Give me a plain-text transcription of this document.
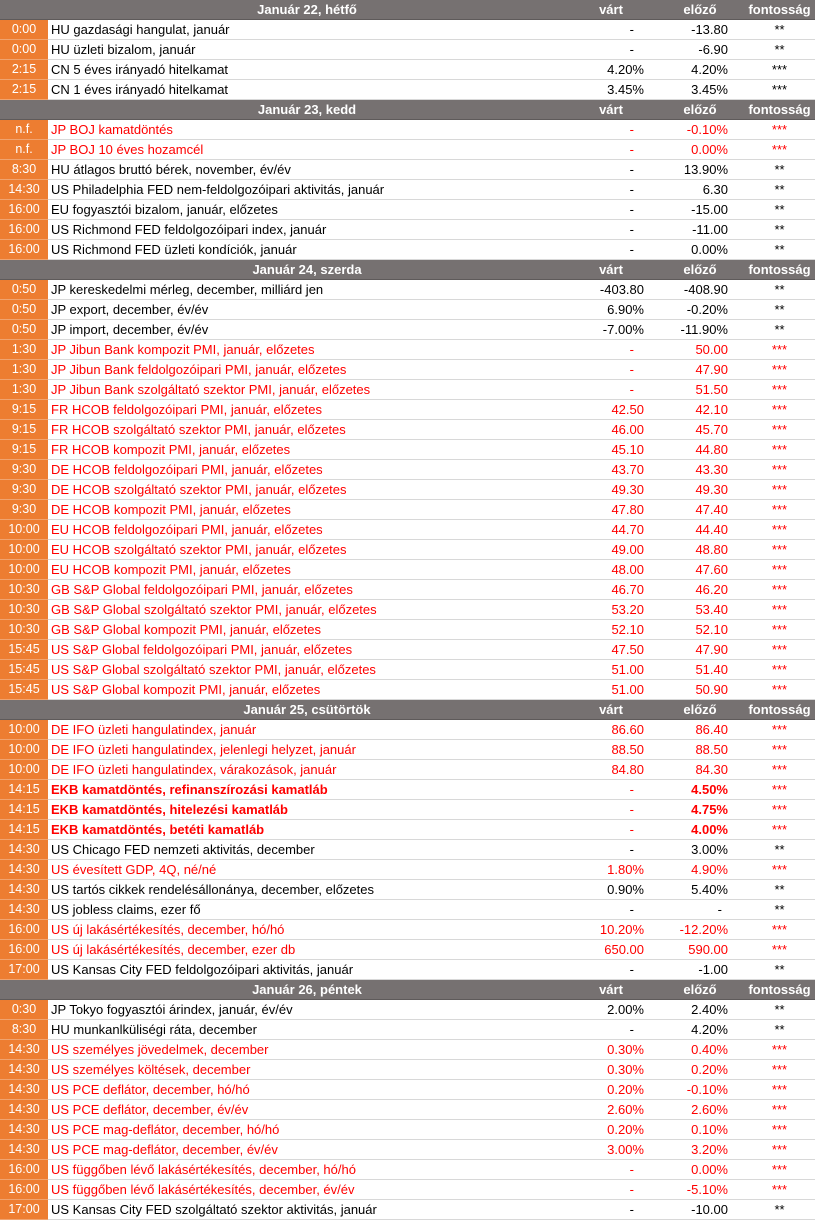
	Január 22, hétfő	várt	előző	fontosság
0:00	HU gazdasági hangulat, január	-	-13.80	**
0:00	HU üzleti bizalom, január	-	-6.90	**
2:15	CN 5 éves irányadó hitelkamat	4.20%	4.20%	***
2:15	CN 1 éves irányadó hitelkamat	3.45%	3.45%	***
	Január 23, kedd	várt	előző	fontosság
n.f.	JP BOJ kamatdöntés	-	-0.10%	***
n.f.	JP BOJ 10 éves hozamcél	-	0.00%	***
8:30	HU átlagos bruttó bérek, november, év/év	-	13.90%	**
14:30	US Philadelphia FED nem-feldolgozóipari aktivitás, január	-	6.30	**
16:00	EU fogyasztói bizalom, január, előzetes	-	-15.00	**
16:00	US Richmond FED feldolgozóipari index, január	-	-11.00	**
16:00	US Richmond FED üzleti kondíciók, január	-	0.00%	**
	Január 24, szerda	várt	előző	fontosság
0:50	JP kereskedelmi mérleg, december, milliárd jen	-403.80	-408.90	**
0:50	JP export, december, év/év	6.90%	-0.20%	**
0:50	JP import, december, év/év	-7.00%	-11.90%	**
1:30	JP Jibun Bank kompozit PMI, január, előzetes	-	50.00	***
1:30	JP Jibun Bank feldolgozóipari PMI, január, előzetes	-	47.90	***
1:30	JP Jibun Bank szolgáltató szektor PMI, január, előzetes	-	51.50	***
9:15	FR HCOB feldolgozóipari PMI, január, előzetes	42.50	42.10	***
9:15	FR HCOB szolgáltató szektor PMI, január, előzetes	46.00	45.70	***
9:15	FR HCOB kompozit PMI, január, előzetes	45.10	44.80	***
9:30	DE HCOB feldolgozóipari PMI, január, előzetes	43.70	43.30	***
9:30	DE HCOB szolgáltató szektor PMI, január, előzetes	49.30	49.30	***
9:30	DE HCOB kompozit PMI, január, előzetes	47.80	47.40	***
10:00	EU HCOB feldolgozóipari PMI, január, előzetes	44.70	44.40	***
10:00	EU HCOB szolgáltató szektor PMI, január, előzetes	49.00	48.80	***
10:00	EU HCOB kompozit PMI, január, előzetes	48.00	47.60	***
10:30	GB S&P Global feldolgozóipari PMI, január, előzetes	46.70	46.20	***
10:30	GB S&P Global szolgáltató szektor PMI, január, előzetes	53.20	53.40	***
10:30	GB S&P Global kompozit PMI, január, előzetes	52.10	52.10	***
15:45	US S&P Global feldolgozóipari PMI, január, előzetes	47.50	47.90	***
15:45	US S&P Global szolgáltató szektor PMI, január, előzetes	51.00	51.40	***
15:45	US S&P Global kompozit PMI, január, előzetes	51.00	50.90	***
	Január 25, csütörtök	várt	előző	fontosság
10:00	DE IFO üzleti hangulatindex, január	86.60	86.40	***
10:00	DE IFO üzleti hangulatindex, jelenlegi helyzet, január	88.50	88.50	***
10:00	DE IFO üzleti hangulatindex, várakozások, január	84.80	84.30	***
14:15	EKB kamatdöntés, refinanszírozási kamatláb	-	4.50%	***
14:15	EKB kamatdöntés, hitelezési kamatláb	-	4.75%	***
14:15	EKB kamatdöntés, betéti kamatláb	-	4.00%	***
14:30	US Chicago FED nemzeti aktivitás, december	-	3.00%	**
14:30	US évesített GDP, 4Q, né/né	1.80%	4.90%	***
14:30	US tartós cikkek rendelésállonánya, december, előzetes	0.90%	5.40%	**
14:30	US jobless claims, ezer fő	-	-	**
16:00	US új lakásértékesítés, december, hó/hó	10.20%	-12.20%	***
16:00	US új lakásértékesítés, december, ezer db	650.00	590.00	***
17:00	US Kansas City FED feldolgozóipari aktivitás, január	-	-1.00	**
	Január 26, péntek	várt	előző	fontosság
0:30	JP Tokyo fogyasztói árindex, január, év/év	2.00%	2.40%	**
8:30	HU munkanlküliségi ráta, december	-	4.20%	**
14:30	US személyes jövedelmek, december	0.30%	0.40%	***
14:30	US személyes költések, december	0.30%	0.20%	***
14:30	US PCE deflátor, december, hó/hó	0.20%	-0.10%	***
14:30	US PCE deflátor, december, év/év	2.60%	2.60%	***
14:30	US PCE mag-deflátor, december, hó/hó	0.20%	0.10%	***
14:30	US PCE mag-deflátor, december, év/év	3.00%	3.20%	***
16:00	US függőben lévő lakásértékesítés, december, hó/hó	-	0.00%	***
16:00	US függőben lévő lakásértékesítés, december, év/év	-	-5.10%	***
17:00	US Kansas City FED szolgáltató szektor aktivitás, január	-	-10.00	**
